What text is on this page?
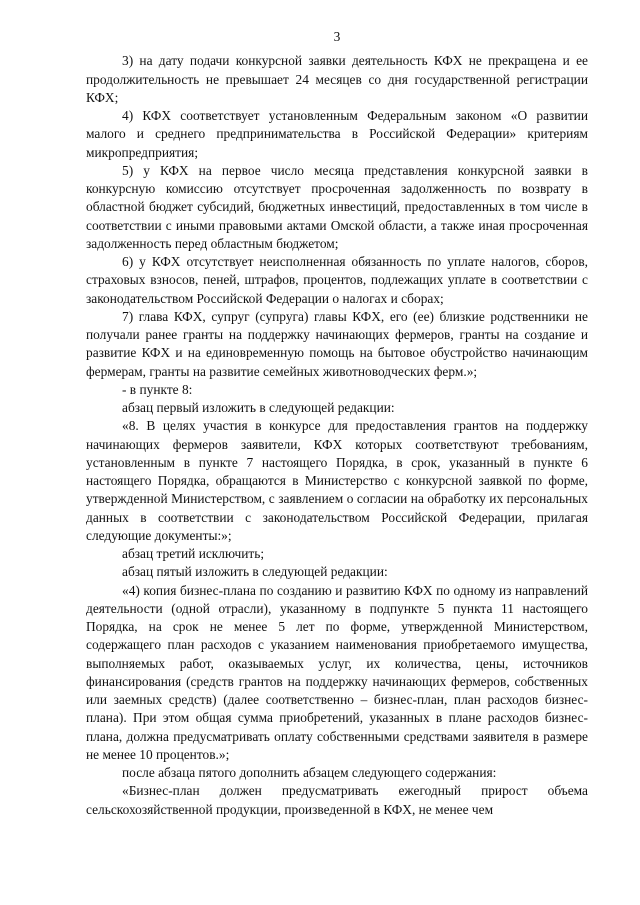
3

3) на дату подачи конкурсной заявки деятельность КФХ не прекращена и ее продолжительность не превышает 24 месяцев со дня государственной регистрации КФХ;

4) КФХ соответствует установленным Федеральным законом «О развитии малого и среднего предпринимательства в Российской Федерации» критериям микропредприятия;

5) у КФХ на первое число месяца представления конкурсной заявки в конкурсную комиссию отсутствует просроченная задолженность по возврату в областной бюджет субсидий, бюджетных инвестиций, предоставленных в том числе в соответствии с иными правовыми актами Омской области, а также иная просроченная задолженность перед областным бюджетом;

6) у КФХ отсутствует неисполненная обязанность по уплате налогов, сборов, страховых взносов, пеней, штрафов, процентов, подлежащих уплате в соответствии с законодательством Российской Федерации о налогах и сборах;

7) глава КФХ, супруг (супруга) главы КФХ, его (ее) близкие родственники не получали ранее гранты на поддержку начинающих фермеров, гранты на создание и развитие КФХ и на единовременную помощь на бытовое обустройство начинающим фермерам, гранты на развитие семейных животноводческих ферм.»;

- в пункте 8:

абзац первый изложить в следующей редакции:

«8. В целях участия в конкурсе для предоставления грантов на поддержку начинающих фермеров заявители, КФХ которых соответствуют требованиям, установленным в пункте 7 настоящего Порядка, в срок, указанный в пункте 6 настоящего Порядка, обращаются в Министерство с конкурсной заявкой по форме, утвержденной Министерством, с заявлением о согласии на обработку их персональных данных в соответствии с законодательством Российской Федерации, прилагая следующие документы:»;

абзац третий исключить;

абзац пятый изложить в следующей редакции:

«4) копия бизнес-плана по созданию и развитию КФХ по одному из направлений деятельности (одной отрасли), указанному в подпункте 5 пункта 11 настоящего Порядка, на срок не менее 5 лет по форме, утвержденной Министерством, содержащего план расходов с указанием наименования приобретаемого имущества, выполняемых работ, оказываемых услуг, их количества, цены, источников финансирования (средств грантов на поддержку начинающих фермеров, собственных или заемных средств) (далее соответственно – бизнес-план, план расходов бизнес-плана). При этом общая сумма приобретений, указанных в плане расходов бизнес-плана, должна предусматривать оплату собственными средствами заявителя в размере не менее 10 процентов.»;

после абзаца пятого дополнить абзацем следующего содержания:

«Бизнес-план должен предусматривать ежегодный прирост объема сельскохозяйственной продукции, произведенной в КФХ, не менее чем
